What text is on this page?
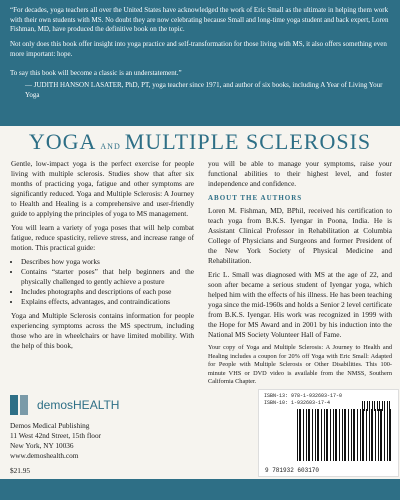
“For decades, yoga teachers all over the United States have acknowledged the work of Eric Small as the ultimate in helping them work with their own students with MS. No doubt they are now celebrating because Small and long-time yoga student and back expert, Loren Fishman, MD, have produced the definitive book on the topic.

Not only does this book offer insight into yoga practice and self-transformation for those living with MS, it also offers something even more important: hope.

To say this book will become a classic is an understatement.”

— JUDITH HANSON LASATER, PhD, PT, yoga teacher since 1971, and author of six books, including A Year of Living Your Yoga

YOGA AND MULTIPLE SCLEROSIS

Gentle, low-impact yoga is the perfect exercise for people living with multiple sclerosis. Studies show that after six months of practicing yoga, fatigue and other symptoms are significantly reduced. Yoga and Multiple Sclerosis: A Journey to Health and Healing is a comprehensive and user-friendly guide to applying the principles of yoga to MS management.

You will learn a variety of yoga poses that will help combat fatigue, reduce spasticity, relieve stress, and increase range of motion. This practical guide:

• Describes how yoga works
• Contains “starter poses” that help beginners and the physically challenged to gently achieve a posture
• Includes photographs and descriptions of each pose
• Explains effects, advantages, and contraindications

Yoga and Multiple Sclerosis contains information for people experiencing symptoms across the MS spectrum, including those who are in wheelchairs or have limited mobility. With the help of this book,

you will be able to manage your symptoms, raise your functional abilities to their highest level, and foster independence and confidence.

ABOUT THE AUTHORS

Loren M. Fishman, MD, BPhil, received his certification to teach yoga from B.K.S. Iyengar in Poona, India. He is Assistant Clinical Professor in Rehabilitation at Columbia College of Physicians and Surgeons and former President of the New York Society of Physical Medicine and Rehabilitation.

Eric L. Small was diagnosed with MS at the age of 22, and soon after became a serious student of Iyengar yoga, which helped him with the effects of his illness. He has been teaching yoga since the mid-1960s and holds a Senior 2 level certificate from B.K.S. Iyengar. His work was recognized in 1999 with the Hope for MS Award and in 2001 by his induction into the National MS Society Volunteer Hall of Fame.

Your copy of Yoga and Multiple Sclerosis: A Journey to Health and Healing includes a coupon for 20% off Yoga with Eric Small: Adapted for People with Multiple Sclerosis or Other Disabilities. This 100-minute VHS or DVD video is available from the NMSS, Southern California Chapter.

demosHEALTH
Demos Medical Publishing
11 West 42nd Street, 15th floor
New York, NY 10036
www.demoshealth.com
$21.95
ISBN-13: 978-1-932603-17-0
ISBN-10: 1-932603-17-4
9 781932 603170
